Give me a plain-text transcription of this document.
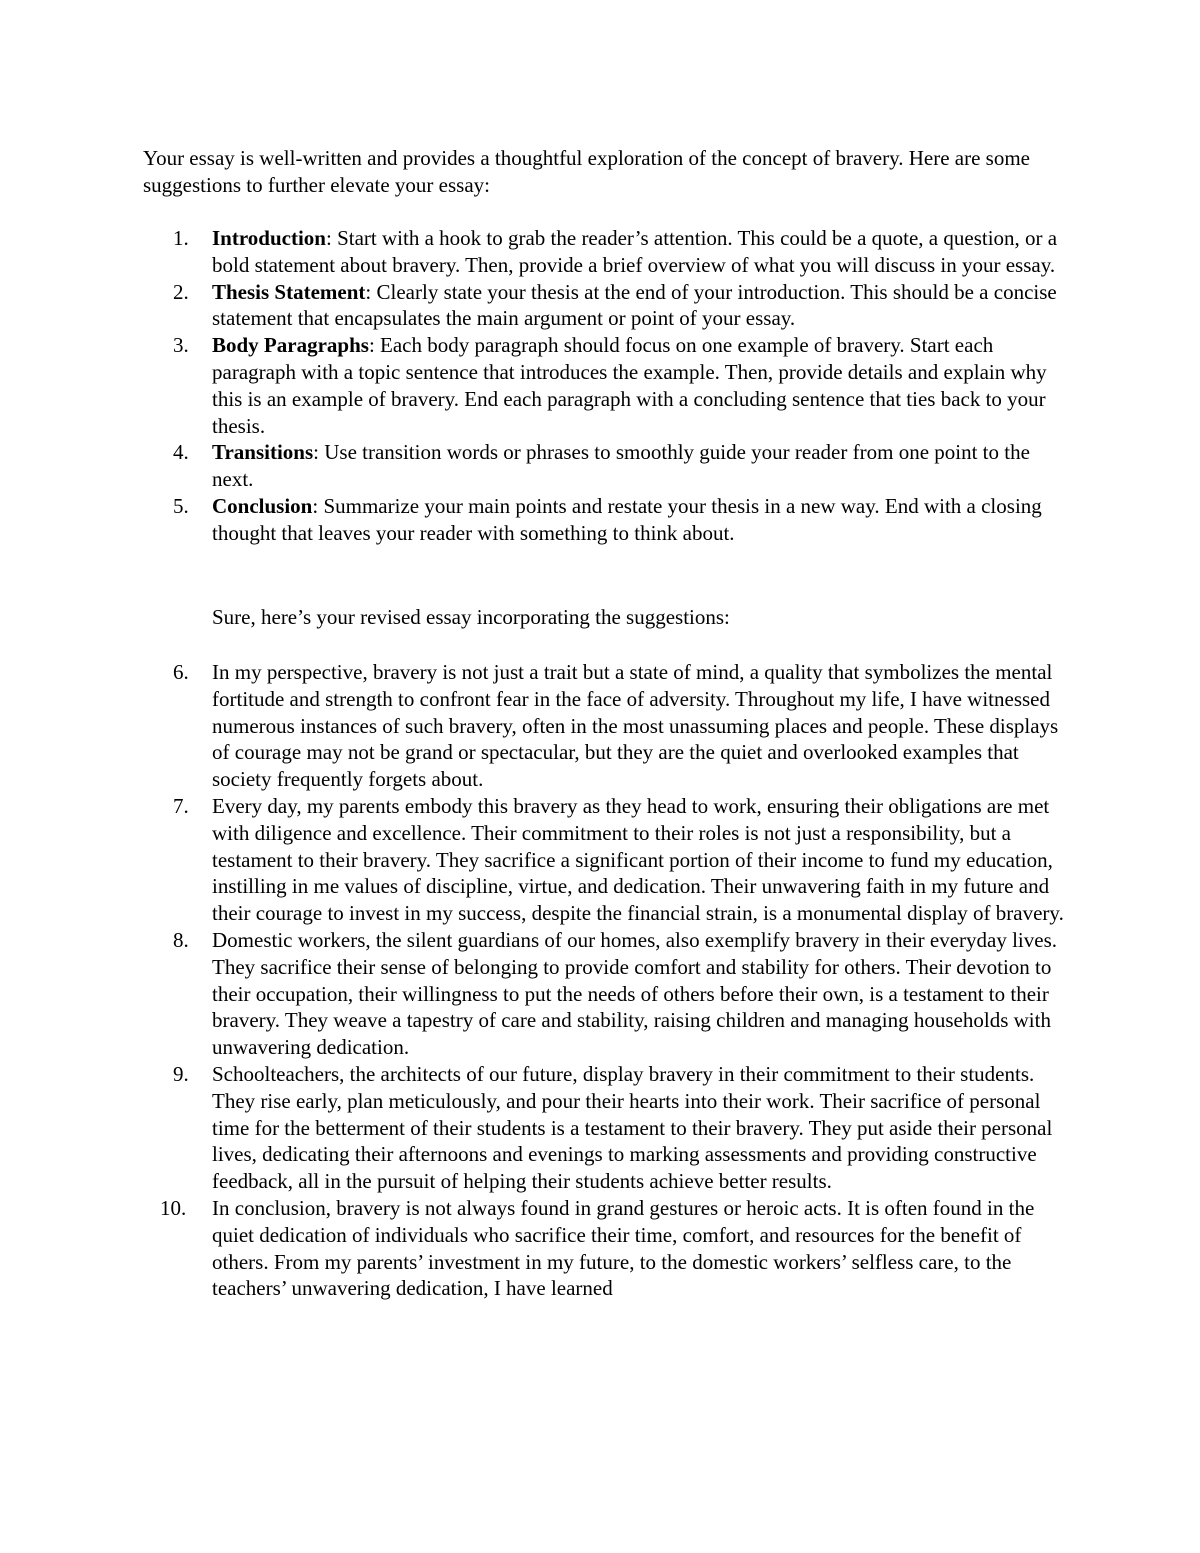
Your essay is well-written and provides a thoughtful exploration of the concept of bravery. Here are some suggestions to further elevate your essay:

1.	Introduction: Start with a hook to grab the reader’s attention. This could be a quote, a question, or a bold statement about bravery. Then, provide a brief overview of what you will discuss in your essay.
2.	Thesis Statement: Clearly state your thesis at the end of your introduction. This should be a concise statement that encapsulates the main argument or point of your essay.
3.	Body Paragraphs: Each body paragraph should focus on one example of bravery. Start each paragraph with a topic sentence that introduces the example. Then, provide details and explain why this is an example of bravery. End each paragraph with a concluding sentence that ties back to your thesis.
4.	Transitions: Use transition words or phrases to smoothly guide your reader from one point to the next.
5.	Conclusion: Summarize your main points and restate your thesis in a new way. End with a closing thought that leaves your reader with something to think about.

Sure, here’s your revised essay incorporating the suggestions:

6.	In my perspective, bravery is not just a trait but a state of mind, a quality that symbolizes the mental fortitude and strength to confront fear in the face of adversity. Throughout my life, I have witnessed numerous instances of such bravery, often in the most unassuming places and people. These displays of courage may not be grand or spectacular, but they are the quiet and overlooked examples that society frequently forgets about.
7.	Every day, my parents embody this bravery as they head to work, ensuring their obligations are met with diligence and excellence. Their commitment to their roles is not just a responsibility, but a testament to their bravery. They sacrifice a significant portion of their income to fund my education, instilling in me values of discipline, virtue, and dedication. Their unwavering faith in my future and their courage to invest in my success, despite the financial strain, is a monumental display of bravery.
8.	Domestic workers, the silent guardians of our homes, also exemplify bravery in their everyday lives. They sacrifice their sense of belonging to provide comfort and stability for others. Their devotion to their occupation, their willingness to put the needs of others before their own, is a testament to their bravery. They weave a tapestry of care and stability, raising children and managing households with unwavering dedication.
9.	Schoolteachers, the architects of our future, display bravery in their commitment to their students. They rise early, plan meticulously, and pour their hearts into their work. Their sacrifice of personal time for the betterment of their students is a testament to their bravery. They put aside their personal lives, dedicating their afternoons and evenings to marking assessments and providing constructive feedback, all in the pursuit of helping their students achieve better results.
10. In conclusion, bravery is not always found in grand gestures or heroic acts. It is often found in the quiet dedication of individuals who sacrifice their time, comfort, and resources for the benefit of others. From my parents’ investment in my future, to the domestic workers’ selfless care, to the teachers’ unwavering dedication, I have learned
